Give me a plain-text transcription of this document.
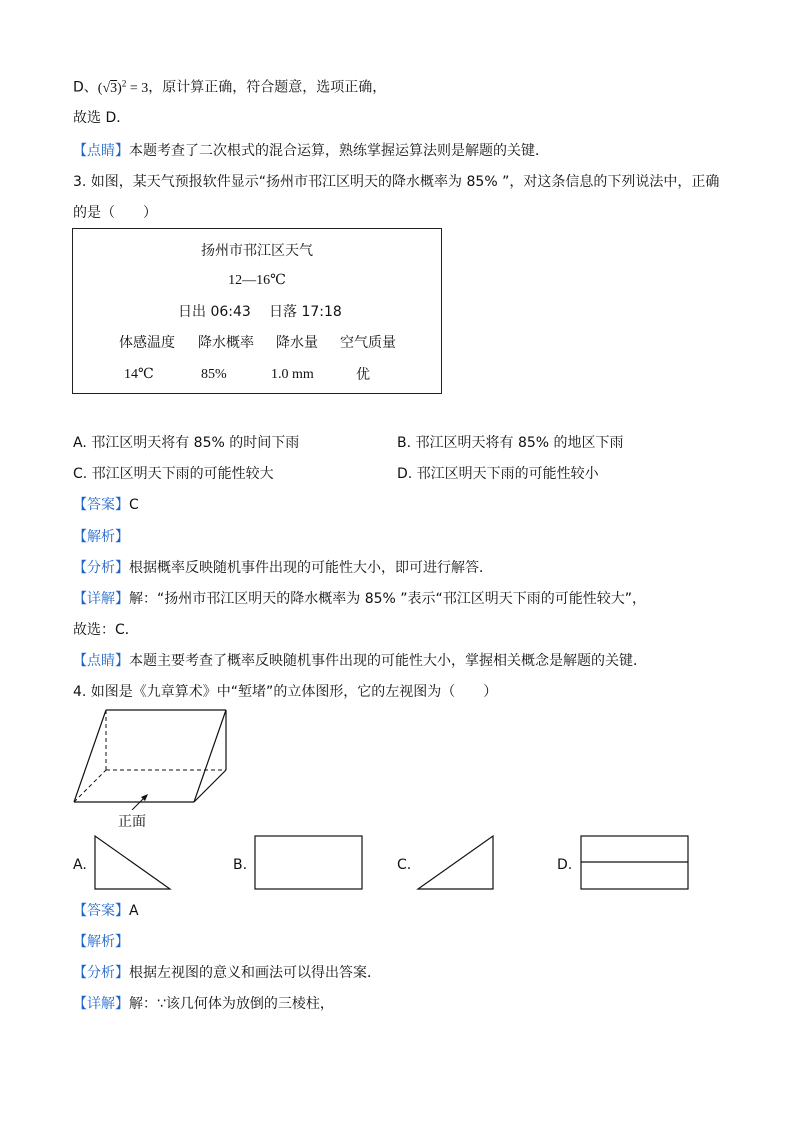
D、$(√3)^2 = 3$，原计算正确，符合题意，选项正确，
故选 D．
【点睛】本题考查了二次根式的混合运算，熟练掌握运算法则是解题的关键．
3. 如图，某天气预报软件显示“扬州市邗江区明天的降水概率为 85% ”，对这条信息的下列说法中，正确
的是（　　）
扬州市邗江区天气
12—16℃
日出 06:43 日落 17:18
体感温度 降水概率 降水量 空气质量
14℃	85%	1.0 mm	优
A. 邗江区明天将有 85% 的时间下雨	B. 邗江区明天将有 85% 的地区下雨
C. 邗江区明天下雨的可能性较大	D. 邗江区明天下雨的可能性较小
【答案】C
【解析】
【分析】根据概率反映随机事件出现的可能性大小，即可进行解答．
【详解】解：“扬州市邗江区明天的降水概率为 85% ”表示“邗江区明天下雨的可能性较大”，
故选：C．
【点睛】本题主要考查了概率反映随机事件出现的可能性大小，掌握相关概念是解题的关键．
4. 如图是《九章算术》中“堑堵”的立体图形，它的左视图为（　　）
正面
A.	B.	C.	D.
【答案】A
【解析】
【分析】根据左视图的意义和画法可以得出答案．
【详解】解：∵该几何体为放倒的三棱柱，
